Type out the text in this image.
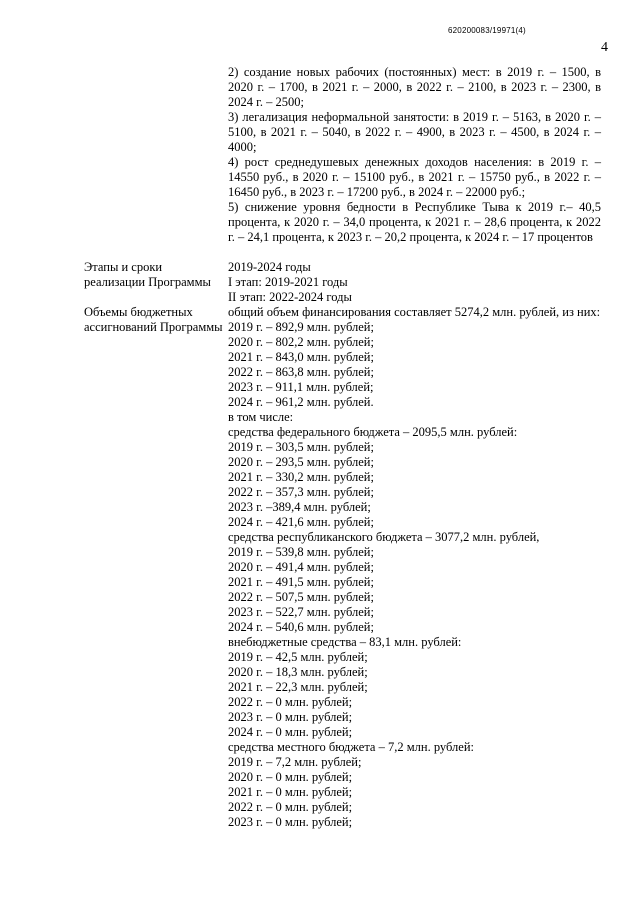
620200083/19971(4)
4

2) создание новых рабочих (постоянных) мест: в 2019 г. – 1500, в 2020 г. – 1700, в 2021 г. – 2000, в 2022 г. – 2100, в 2023 г. – 2300, в 2024 г. – 2500;

3) легализация неформальной занятости: в 2019 г. – 5163, в 2020 г. – 5100, в 2021 г. – 5040, в 2022 г. – 4900, в 2023 г. – 4500, в 2024 г. – 4000;

4) рост среднедушевых денежных доходов населения: в 2019 г. – 14550 руб., в 2020 г. – 15100 руб., в 2021 г. – 15750 руб., в 2022 г. – 16450 руб., в 2023 г. – 17200 руб., в 2024 г. – 22000 руб.;

5) снижение уровня бедности в Республике Тыва к 2019 г.– 40,5 процента, к 2020 г. – 34,0 процента, к 2021 г. – 28,6 процента, к 2022 г. – 24,1 процента, к 2023 г. – 20,2 процента, к 2024 г. – 17 процентов

Этапы и сроки реализации Программы

2019-2024 годы
I этап: 2019-2021 годы
II этап: 2022-2024 годы

Объемы бюджетных ассигнований Программы

общий объем финансирования составляет 5274,2 млн. рублей, из них:

2019 г. – 892,9 млн. рублей;
2020 г. – 802,2 млн. рублей;
2021 г. – 843,0 млн. рублей;
2022 г. – 863,8 млн. рублей;
2023 г. – 911,1 млн. рублей;
2024 г. – 961,2 млн. рублей.
в том числе:
средства федерального бюджета – 2095,5 млн. рублей:
2019 г. – 303,5 млн. рублей;
2020 г. – 293,5 млн. рублей;
2021 г. – 330,2 млн. рублей;
2022 г. – 357,3 млн. рублей;
2023 г. –389,4 млн. рублей;
2024 г. – 421,6 млн. рублей;
средства республиканского бюджета – 3077,2 млн. рублей,
2019 г. – 539,8 млн. рублей;
2020 г. – 491,4 млн. рублей;
2021 г. – 491,5 млн. рублей;
2022 г. – 507,5 млн. рублей;
2023 г. – 522,7 млн. рублей;
2024 г. – 540,6 млн. рублей;
внебюджетные средства – 83,1 млн. рублей:
2019 г. – 42,5 млн. рублей;
2020 г. – 18,3 млн. рублей;
2021 г. – 22,3 млн. рублей;
2022 г. – 0 млн. рублей;
2023 г. – 0 млн. рублей;
2024 г. – 0 млн. рублей;
средства местного бюджета – 7,2 млн. рублей:
2019 г. – 7,2 млн. рублей;
2020 г. – 0 млн. рублей;
2021 г. – 0 млн. рублей;
2022 г. – 0 млн. рублей;
2023 г. – 0 млн. рублей;
